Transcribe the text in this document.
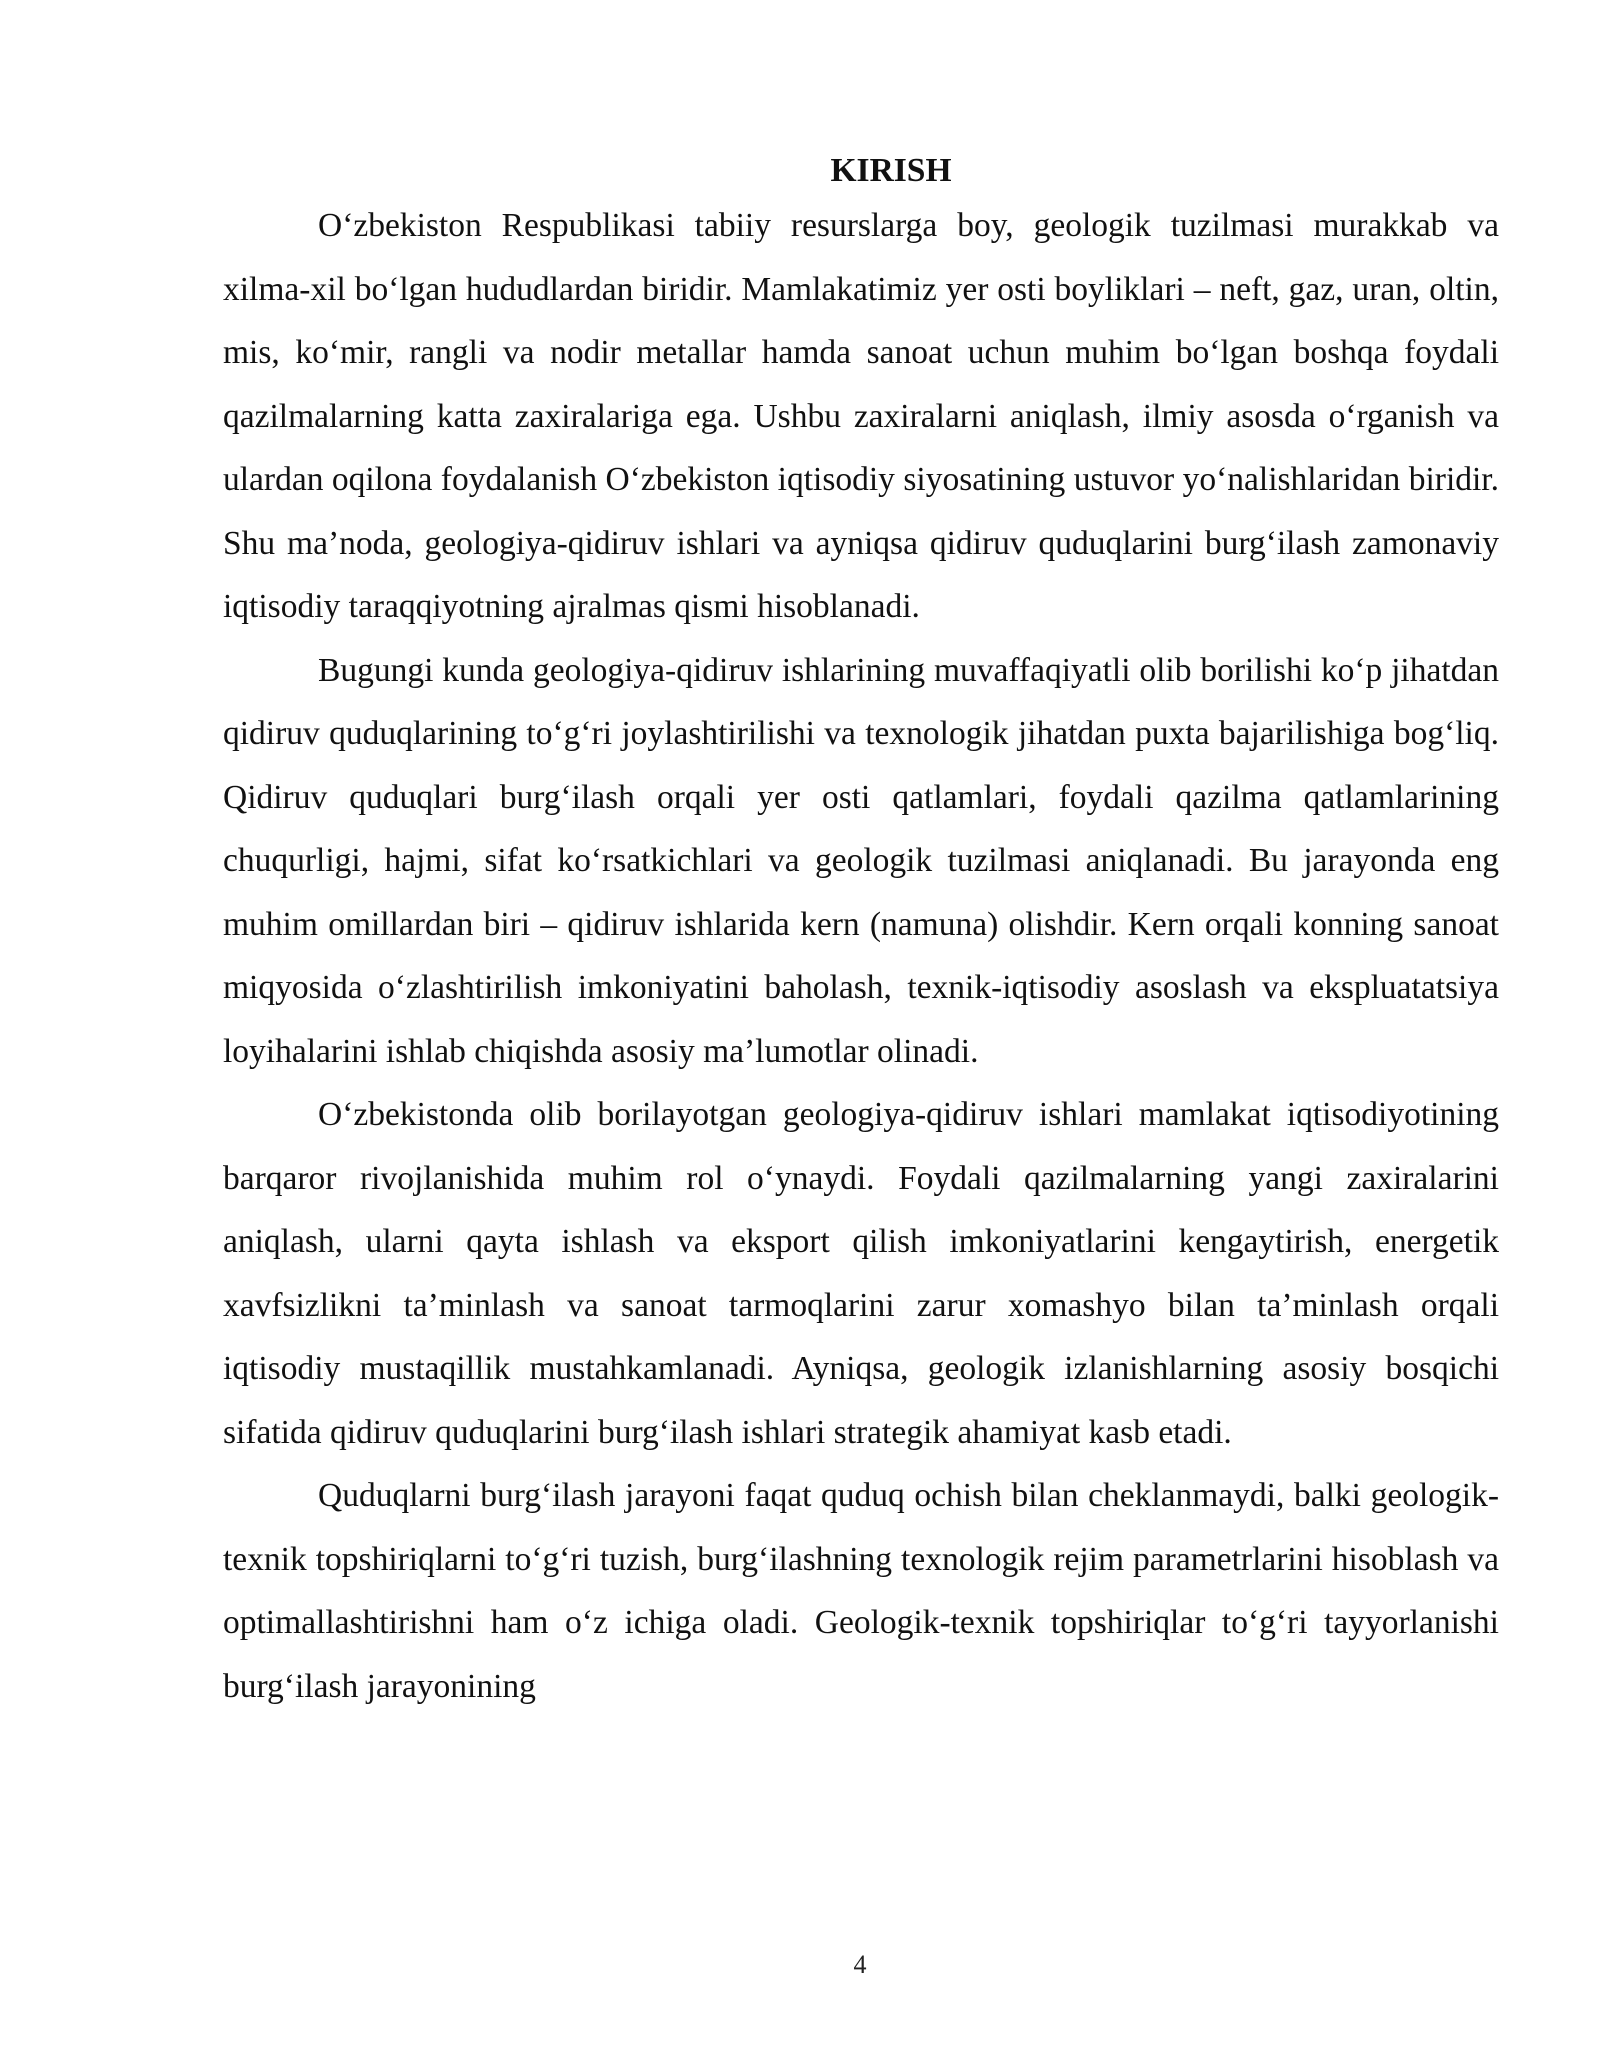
KIRISH

O‘zbekiston Respublikasi tabiiy resurslarga boy, geologik tuzilmasi murakkab va xilma-xil bo‘lgan hududlardan biridir. Mamlakatimiz yer osti boyliklari – neft, gaz, uran, oltin, mis, ko‘mir, rangli va nodir metallar hamda sanoat uchun muhim bo‘lgan boshqa foydali qazilmalarning katta zaxiralariga ega. Ushbu zaxiralarni aniqlash, ilmiy asosda o‘rganish va ulardan oqilona foydalanish O‘zbekiston iqtisodiy siyosatining ustuvor yo‘nalishlaridan biridir. Shu ma’noda, geologiya-qidiruv ishlari va ayniqsa qidiruv quduqlarini burg‘ilash zamonaviy iqtisodiy taraqqiyotning ajralmas qismi hisoblanadi.

Bugungi kunda geologiya-qidiruv ishlarining muvaffaqiyatli olib borilishi ko‘p jihatdan qidiruv quduqlarining to‘g‘ri joylashtirilishi va texnologik jihatdan puxta bajarilishiga bog‘liq. Qidiruv quduqlari burg‘ilash orqali yer osti qatlamlari, foydali qazilma qatlamlarining chuqurligi, hajmi, sifat ko‘rsatkichlari va geologik tuzilmasi aniqlanadi. Bu jarayonda eng muhim omillardan biri – qidiruv ishlarida kern (namuna) olishdir. Kern orqali konning sanoat miqyosida o‘zlashtirilish imkoniyatini baholash, texnik-iqtisodiy asoslash va ekspluatatsiya loyihalarini ishlab chiqishda asosiy ma’lumotlar olinadi.

O‘zbekistonda olib borilayotgan geologiya-qidiruv ishlari mamlakat iqtisodiyotining barqaror rivojlanishida muhim rol o‘ynaydi. Foydali qazilmalarning yangi zaxiralarini aniqlash, ularni qayta ishlash va eksport qilish imkoniyatlarini kengaytirish, energetik xavfsizlikni ta’minlash va sanoat tarmoqlarini zarur xomashyo bilan ta’minlash orqali iqtisodiy mustaqillik mustahkamlanadi. Ayniqsa, geologik izlanishlarning asosiy bosqichi sifatida qidiruv quduqlarini burg‘ilash ishlari strategik ahamiyat kasb etadi.

Quduqlarni burg‘ilash jarayoni faqat quduq ochish bilan cheklanmaydi, balki geologik-texnik topshiriqlarni to‘g‘ri tuzish, burg‘ilashning texnologik rejim parametrlarini hisoblash va optimallashtirishni ham o‘z ichiga oladi. Geologik-texnik topshiriqlar to‘g‘ri tayyorlanishi burg‘ilash jarayonining

4
